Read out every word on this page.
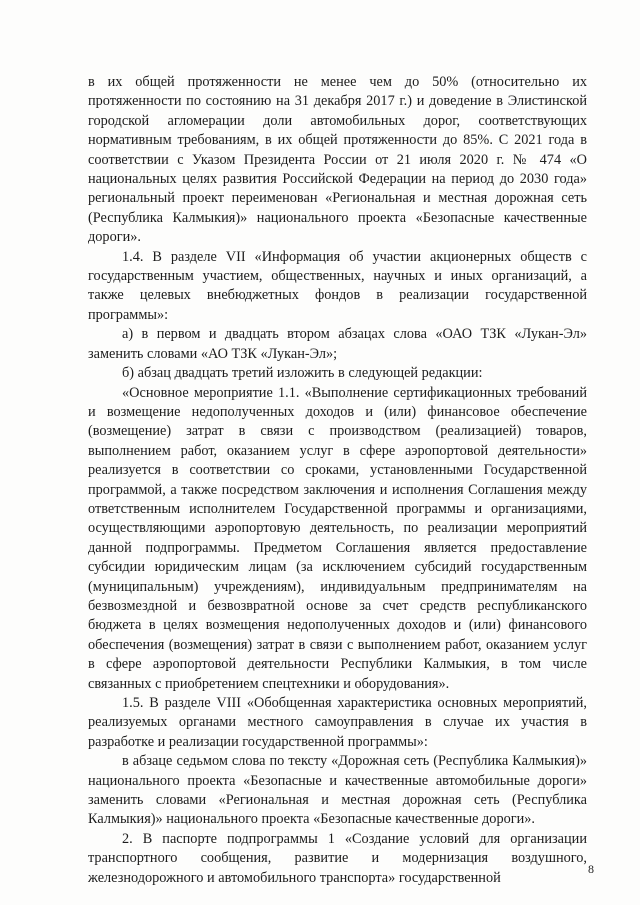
в их общей протяженности не менее чем до 50% (относительно их протяженности по состоянию на 31 декабря 2017 г.) и доведение в Элистинской городской агломерации доли автомобильных дорог, соответствующих нормативным требованиям, в их общей протяженности до 85%. С 2021 года в соответствии с Указом Президента России от 21 июля 2020 г. № 474 «О национальных целях развития Российской Федерации на период до 2030 года» региональный проект переименован «Региональная и местная дорожная сеть (Республика Калмыкия)» национального проекта «Безопасные качественные дороги».

1.4. В разделе VII «Информация об участии акционерных обществ с государственным участием, общественных, научных и иных организаций, а также целевых внебюджетных фондов в реализации государственной программы»:

а) в первом и двадцать втором абзацах слова «ОАО ТЗК «Лукан-Эл» заменить словами «АО ТЗК «Лукан-Эл»;

б) абзац двадцать третий изложить в следующей редакции:

«Основное мероприятие 1.1. «Выполнение сертификационных требований и возмещение недополученных доходов и (или) финансовое обеспечение (возмещение) затрат в связи с производством (реализацией) товаров, выполнением работ, оказанием услуг в сфере аэропортовой деятельности» реализуется в соответствии со сроками, установленными Государственной программой, а также посредством заключения и исполнения Соглашения между ответственным исполнителем Государственной программы и организациями, осуществляющими аэропортовую деятельность, по реализации мероприятий данной подпрограммы. Предметом Соглашения является предоставление субсидии юридическим лицам (за исключением субсидий государственным (муниципальным) учреждениям), индивидуальным предпринимателям на безвозмездной и безвозвратной основе за счет средств республиканского бюджета в целях возмещения недополученных доходов и (или) финансового обеспечения (возмещения) затрат в связи с выполнением работ, оказанием услуг в сфере аэропортовой деятельности Республики Калмыкия, в том числе связанных с приобретением спецтехники и оборудования».

1.5. В разделе VIII «Обобщенная характеристика основных мероприятий, реализуемых органами местного самоуправления в случае их участия в разработке и реализации государственной программы»:

в абзаце седьмом слова по тексту «Дорожная сеть (Республика Калмыкия)» национального проекта «Безопасные и качественные автомобильные дороги» заменить словами «Региональная и местная дорожная сеть (Республика Калмыкия)» национального проекта «Безопасные качественные дороги».

2. В паспорте подпрограммы 1 «Создание условий для организации транспортного сообщения, развитие и модернизация воздушного, железнодорожного и автомобильного транспорта» государственной

8
